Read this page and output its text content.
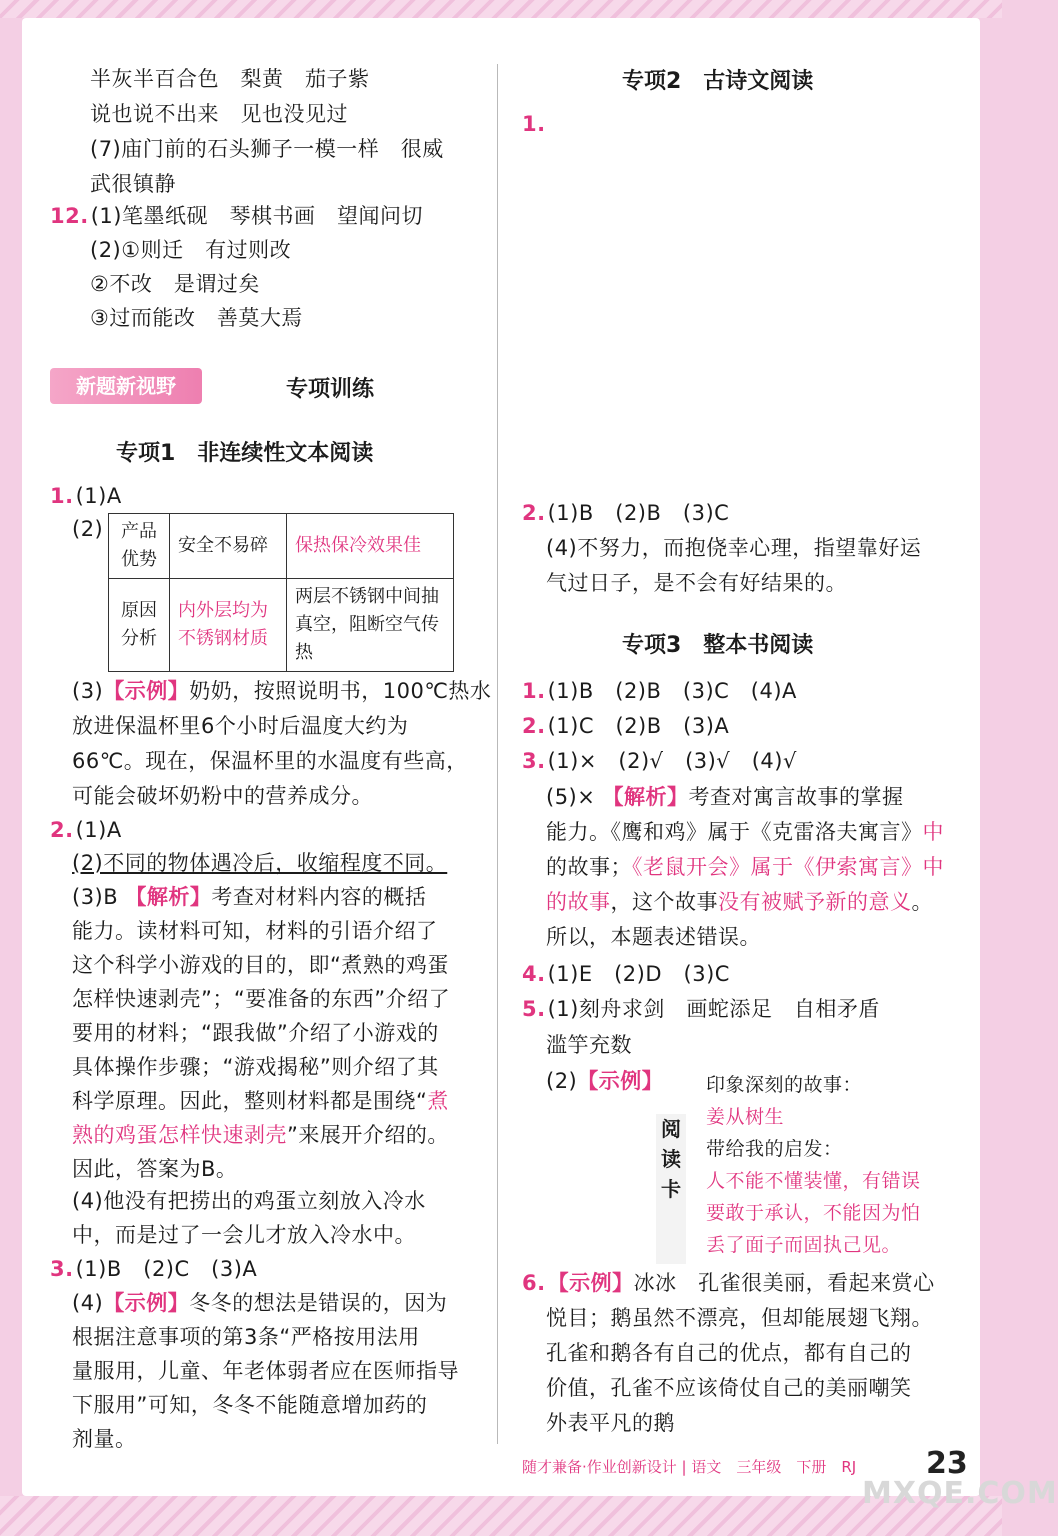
半灰半百合色　梨黄　茄子紫
说也说不出来　见也没见过
(7)庙门前的石头狮子一模一样　很威
武很镇静
12.(1)笔墨纸砚　琴棋书画　望闻问切
(2)①则迁　有过则改
②不改　是谓过矣
③过而能改　善莫大焉
新题新视野	专项训练
专项1　非连续性文本阅读
1.(1)A
(2) 产品优势	安全不易碎	保热保冷效果佳
原因分析	内外层均为不锈钢材质	两层不锈钢中间抽真空，阻断空气传热
(3)【示例】奶奶，按照说明书，100℃热水
放进保温杯里6个小时后温度大约为
66℃。现在，保温杯里的水温度有些高，
可能会破坏奶粉中的营养成分。
2.(1)A
(2)不同的物体遇冷后，收缩程度不同。
(3)B 【解析】考查对材料内容的概括
能力。读材料可知，材料的引语介绍了
这个科学小游戏的目的，即“煮熟的鸡蛋
怎样快速剥壳”；“要准备的东西”介绍了
要用的材料；“跟我做”介绍了小游戏的
具体操作步骤；“游戏揭秘”则介绍了其
科学原理。因此，整则材料都是围绕“煮
熟的鸡蛋怎样快速剥壳”来展开介绍的。
因此，答案为B。
(4)他没有把捞出的鸡蛋立刻放入冷水
中，而是过了一会儿才放入冷水中。
3.(1)B　(2)C　(3)A
(4)【示例】冬冬的想法是错误的，因为
根据注意事项的第3条“严格按用法用
量服用，儿童、年老体弱者应在医师指导
下服用”可知，冬冬不能随意增加药的
剂量。
专项2　古诗文阅读
1.
2.(1)B　(2)B　(3)C
(4)不努力，而抱侥幸心理，指望靠好运
气过日子，是不会有好结果的。
专项3　整本书阅读
1.(1)B　(2)B　(3)C　(4)A
2.(1)C　(2)B　(3)A
3.(1)×　(2)√　(3)√　(4)√
(5)× 【解析】考查对寓言故事的掌握
能力。《鹰和鸡》属于《克雷洛夫寓言》中
的故事；《老鼠开会》属于《伊索寓言》中
的故事，这个故事没有被赋予新的意义。
所以，本题表述错误。
4.(1)E　(2)D　(3)C
5.(1)刻舟求剑　画蛇添足　自相矛盾
滥竽充数
(2)【示例】
阅
读
卡
印象深刻的故事：
姜从树生
带给我的启发：
人不能不懂装懂，有错误
要敢于承认，不能因为怕
丢了面子而固执己见。
6.【示例】冰冰　孔雀很美丽，看起来赏心
悦目；鹅虽然不漂亮，但却能展翅飞翔。
孔雀和鹅各有自己的优点，都有自己的
价值，孔雀不应该倚仗自己的美丽嘲笑
外表平凡的鹅
随才兼备·作业创新设计 | 语文　三年级　下册　RJ 23
MXQE.COM
